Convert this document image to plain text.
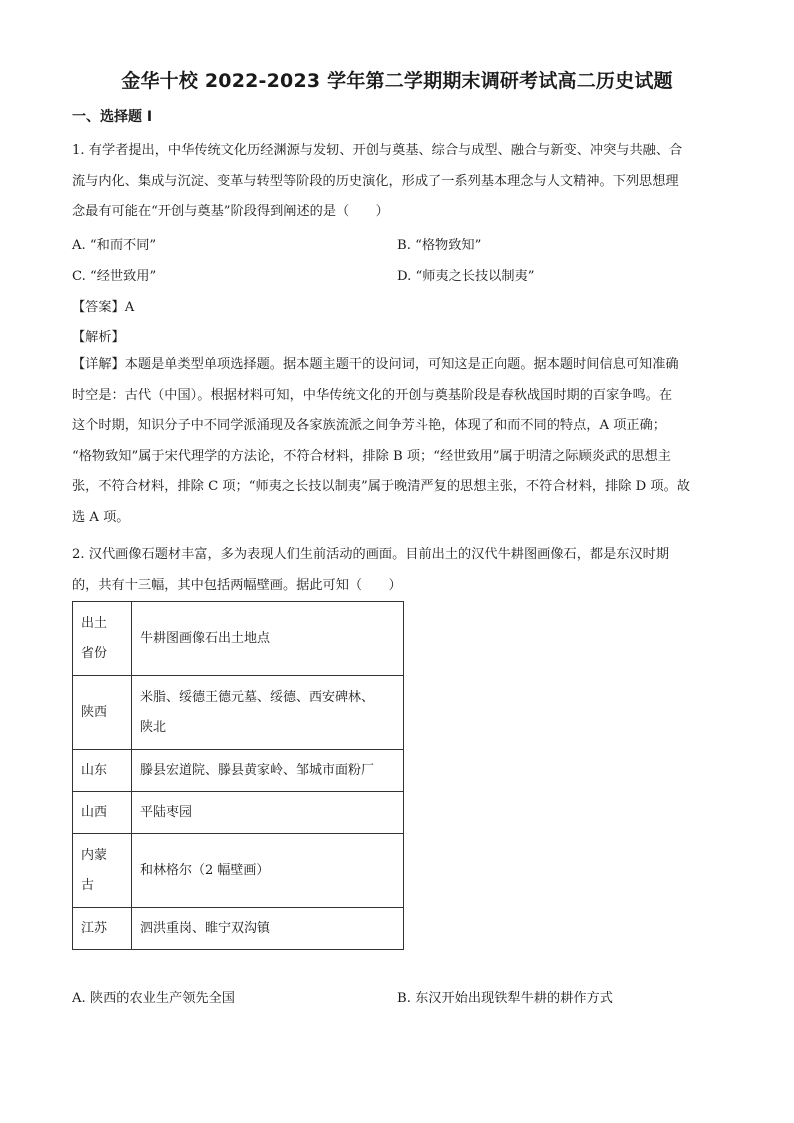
金华十校 2022-2023 学年第二学期期末调研考试高二历史试题
一、选择题 I
1. 有学者提出，中华传统文化历经渊源与发轫、开创与奠基、综合与成型、融合与新变、冲突与共融、合
流与内化、集成与沉淀、变革与转型等阶段的历史演化，形成了一系列基本理念与人文精神。下列思想理
念最有可能在“开创与奠基”阶段得到阐述的是（　　）
A. “和而不同”	B. “格物致知”
C. “经世致用”	D. “师夷之长技以制夷”
【答案】A
【解析】
【详解】本题是单类型单项选择题。据本题主题干的设问词，可知这是正向题。据本题时间信息可知准确
时空是：古代（中国）。根据材料可知，中华传统文化的开创与奠基阶段是春秋战国时期的百家争鸣。在
这个时期，知识分子中不同学派涌现及各家族流派之间争芳斗艳，体现了和而不同的特点，A 项正确；
“格物致知”属于宋代理学的方法论，不符合材料，排除 B 项；“经世致用”属于明清之际顾炎武的思想主
张，不符合材料，排除 C 项；“师夷之长技以制夷”属于晚清严复的思想主张，不符合材料，排除 D 项。故
选 A 项。
2. 汉代画像石题材丰富，多为表现人们生前活动的画面。目前出土的汉代牛耕图画像石，都是东汉时期
的，共有十三幅，其中包括两幅壁画。据此可知（　　）
出土
省份	牛耕图画像石出土地点
陕西	米脂、绥德王德元墓、绥德、西安碑林、
陕北

山东	滕县宏道院、滕县黄家岭、邹城市面粉厂
山西	平陆枣园

内蒙
古	和林格尔（2 幅壁画）
江苏	泗洪重岗、睢宁双沟镇
A. 陕西的农业生产领先全国	B. 东汉开始出现铁犁牛耕的耕作方式
